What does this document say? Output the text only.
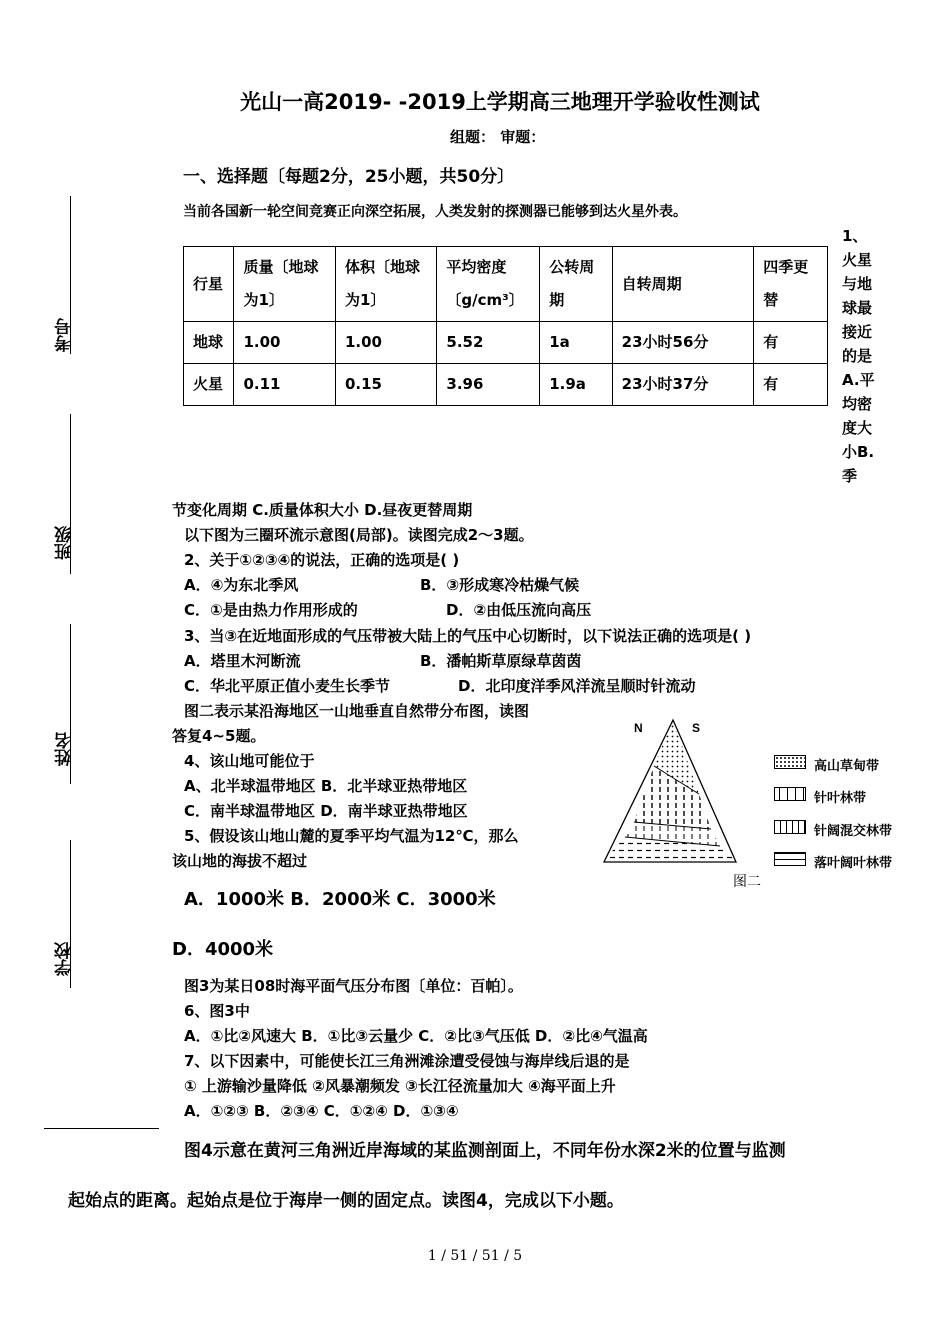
考号
班级
姓名
学校
光山一高2019- -2019上学期高三地理开学验收性测试
组题： 审题：
一、选择题〔每题2分，25小题，共50分〕
当前各国新一轮空间竞赛正向深空拓展，人类发射的探测器已能够到达火星外表。
行星	质量〔地球为1〕	体积〔地球为1〕	平均密度〔g/cm³〕	公转周期	自转周期	四季更替
地球	1.00	1.00	5.52	1a	23小时56分	有
火星	0.11	0.15	3.96	1.9a	23小时37分	有
1、火星与地球最接近的是A.平均密度大小B.季
节变化周期 C.质量体积大小 D.昼夜更替周期
以下图为三圈环流示意图(局部)。读图完成2～3题。
2、关于①②③④的说法，正确的选项是( )
A．④为东北季风	B．③形成寒冷枯燥气候
C．①是由热力作用形成的	D．②由低压流向高压
3、当③在近地面形成的气压带被大陆上的气压中心切断时，以下说法正确的选项是( )
A．塔里木河断流	B．潘帕斯草原绿草茵茵
C．华北平原正值小麦生长季节	D．北印度洋季风洋流呈顺时针流动
图二表示某沿海地区一山地垂直自然带分布图，读图
答复4~5题。
4、该山地可能位于
A、北半球温带地区 B．北半球亚热带地区
C．南半球温带地区 D．南半球亚热带地区
5、假设该山地山麓的夏季平均气温为12℃，那么
该山地的海拔不超过
A．1000米 B．2000米 C．3000米
D．4000米
N	S
图二
高山草甸带
针叶林带
针阔混交林带
落叶阔叶林带
图3为某日08时海平面气压分布图〔单位：百帕〕。
6、图3中
A．①比②风速大 B．①比③云量少 C．②比③气压低 D．②比④气温高
7、以下因素中，可能使长江三角洲滩涂遭受侵蚀与海岸线后退的是
① 上游输沙量降低 ②风暴潮频发 ③长江径流量加大 ④海平面上升
A．①②③ B．②③④ C．①②④ D．①③④
图4示意在黄河三角洲近岸海域的某监测剖面上，不同年份水深2米的位置与监测
起始点的距离。起始点是位于海岸一侧的固定点。读图4，完成以下小题。
1 / 51 / 51 / 5
